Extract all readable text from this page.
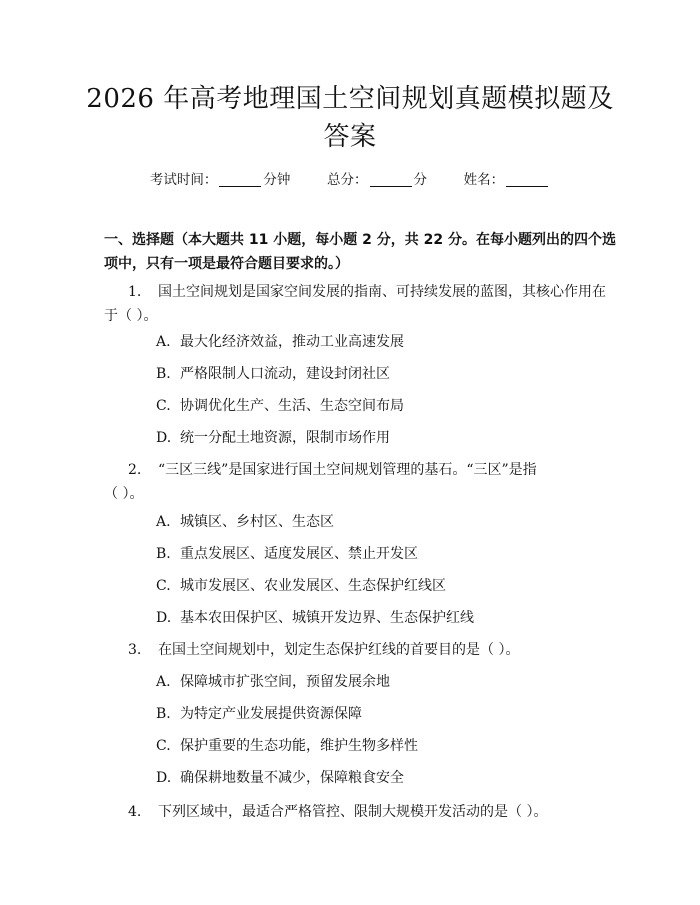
2026 年高考地理国土空间规划真题模拟题及
答案
考试时间：	分钟	总分：	分	姓名：
一、选择题（本大题共 11 小题，每小题 2 分，共 22 分。在每小题列出的四个选
项中，只有一项是最符合题目要求的。）
1. 国土空间规划是国家空间发展的指南、可持续发展的蓝图，其核心作用在
于（ ）。
A. 最大化经济效益，推动工业高速发展
B. 严格限制人口流动，建设封闭社区
C. 协调优化生产、生活、生态空间布局
D. 统一分配土地资源，限制市场作用
2. “三区三线”是国家进行国土空间规划管理的基石。“三区”是指
（ ）。
A. 城镇区、乡村区、生态区
B. 重点发展区、适度发展区、禁止开发区
C. 城市发展区、农业发展区、生态保护红线区
D. 基本农田保护区、城镇开发边界、生态保护红线
3. 在国土空间规划中，划定生态保护红线的首要目的是（ ）。
A. 保障城市扩张空间，预留发展余地
B. 为特定产业发展提供资源保障
C. 保护重要的生态功能，维护生物多样性
D. 确保耕地数量不减少，保障粮食安全
4. 下列区域中，最适合严格管控、限制大规模开发活动的是（ ）。
